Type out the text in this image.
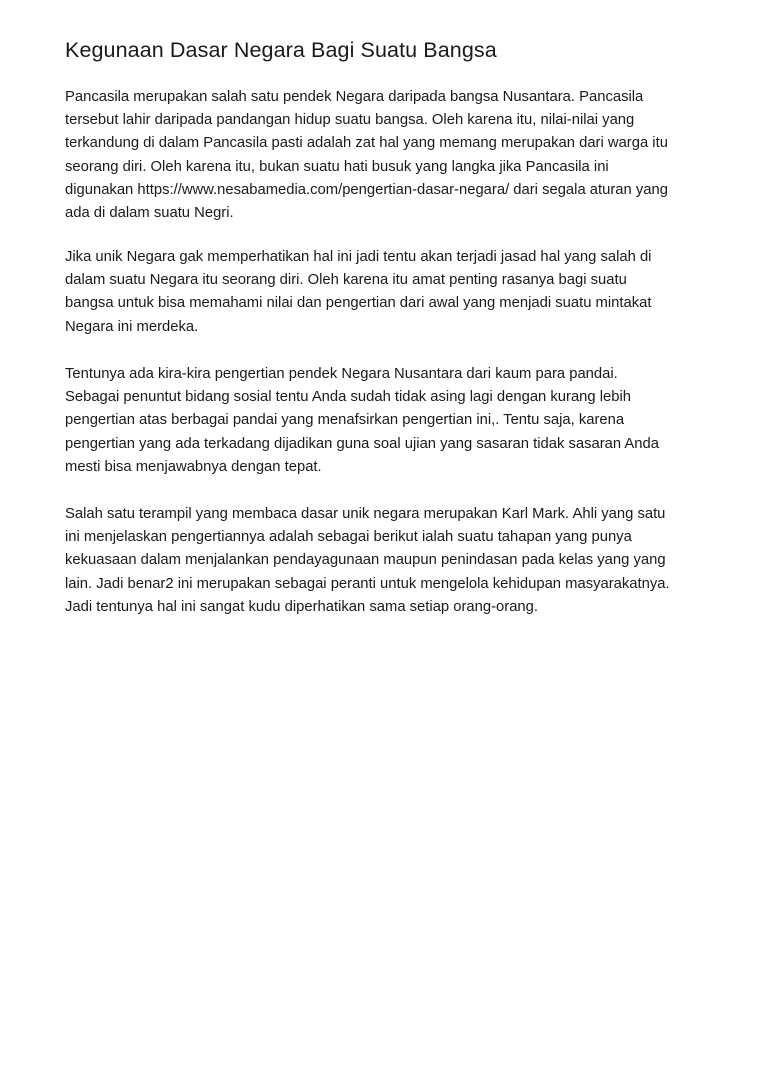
Kegunaan Dasar Negara Bagi Suatu Bangsa

Pancasila merupakan salah satu pendek Negara daripada bangsa Nusantara. Pancasila
tersebut lahir daripada pandangan hidup suatu bangsa. Oleh karena itu, nilai-nilai yang
terkandung di dalam Pancasila pasti adalah zat hal yang memang merupakan dari warga itu
seorang diri. Oleh karena itu, bukan suatu hati busuk yang langka jika Pancasila ini
digunakan https://www.nesabamedia.com/pengertian-dasar-negara/ dari segala aturan yang
ada di dalam suatu Negri.

Jika unik Negara gak memperhatikan hal ini jadi tentu akan terjadi jasad hal yang salah di
dalam suatu Negara itu seorang diri. Oleh karena itu amat penting rasanya bagi suatu
bangsa untuk bisa memahami nilai dan pengertian dari awal yang menjadi suatu mintakat
Negara ini merdeka.

Tentunya ada kira-kira pengertian pendek Negara Nusantara dari kaum para pandai.
Sebagai penuntut bidang sosial tentu Anda sudah tidak asing lagi dengan kurang lebih
pengertian atas berbagai pandai yang menafsirkan pengertian ini,. Tentu saja, karena
pengertian yang ada terkadang dijadikan guna soal ujian yang sasaran tidak sasaran Anda
mesti bisa menjawabnya dengan tepat.

Salah satu terampil yang membaca dasar unik negara merupakan Karl Mark. Ahli yang satu
ini menjelaskan pengertiannya adalah sebagai berikut ialah suatu tahapan yang punya
kekuasaan dalam menjalankan pendayagunaan maupun penindasan pada kelas yang yang
lain. Jadi benar2 ini merupakan sebagai peranti untuk mengelola kehidupan masyarakatnya.
Jadi tentunya hal ini sangat kudu diperhatikan sama setiap orang-orang.
